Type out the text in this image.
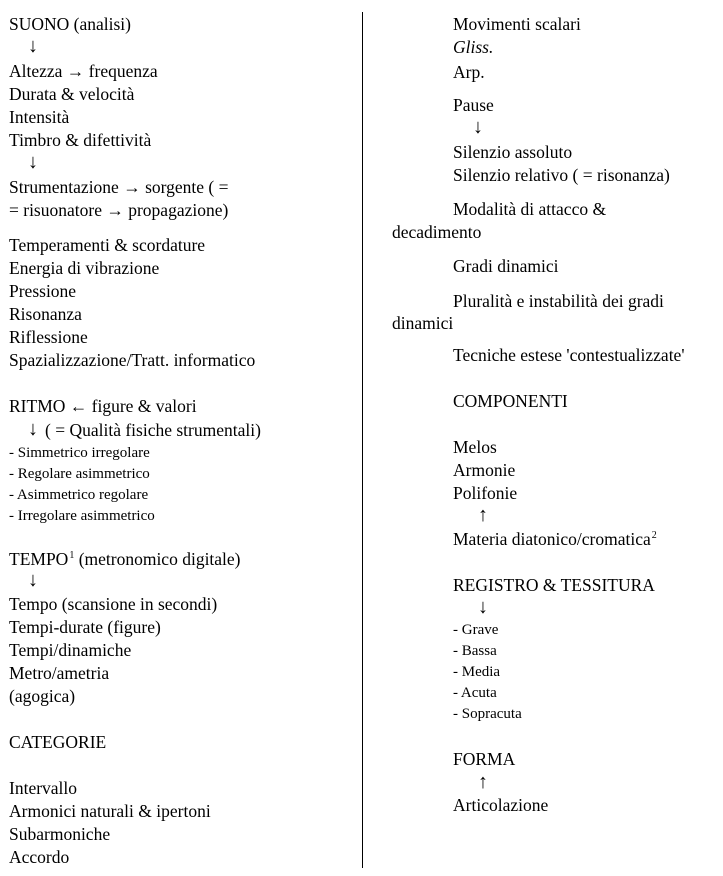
SUONO (analisi)
↓
Altezza → frequenza
Durata & velocità
Intensità
Timbro & difettività
↓
Strumentazione → sorgente ( =
= risuonatore → propagazione)
Temperamenti & scordature
Energia di vibrazione
Pressione
Risonanza
Riflessione
Spazializzazione/Tratt. informatico
RITMO ← figure & valori
↓ ( = Qualità fisiche strumentali)
- Simmetrico irregolare
- Regolare asimmetrico
- Asimmetrico regolare
- Irregolare asimmetrico
TEMPO$^1$ (metronomico digitale)
↓
Tempo (scansione in secondi)
Tempi-durate (figure)
Tempi/dinamiche
Metro/ametria
(agogica)
CATEGORIE
Intervallo
Armonici naturali & ipertoni
Subarmoniche
Accordo
Movimenti scalari
Gliss.
Arp.
Pause
↓
Silenzio assoluto
Silenzio relativo ( = risonanza)
Modalità di attacco &
decadimento
Gradi dinamici
Pluralità e instabilità dei gradi
dinamici
Tecniche estese 'contestualizzate'
COMPONENTI
Melos
Armonie
Polifonie
↑
Materia diatonico/cromatica$^2$
REGISTRO & TESSITURA
↓
- Grave
- Bassa
- Media
- Acuta
- Sopracuta
FORMA
↑
Articolazione
